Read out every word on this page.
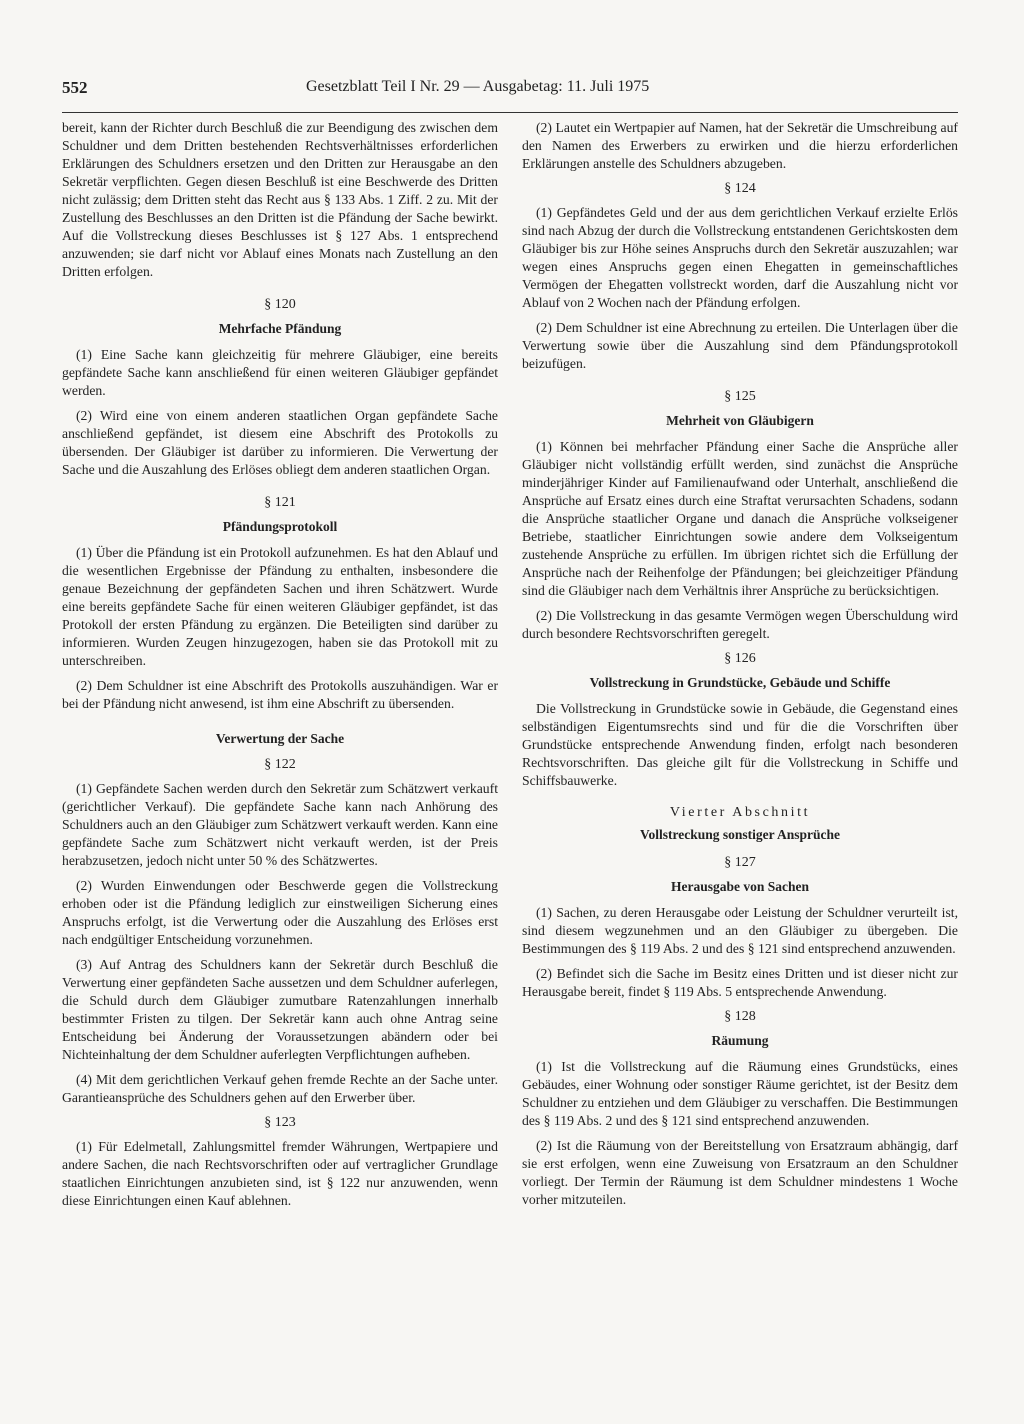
552	Gesetzblatt Teil I Nr. 29 — Ausgabetag: 11. Juli 1975

bereit, kann der Richter durch Beschluß die zur Beendigung des zwischen dem Schuldner und dem Dritten bestehenden Rechtsverhältnisses erforderlichen Erklärungen des Schuldners ersetzen und den Dritten zur Herausgabe an den Sekretär verpflichten. Gegen diesen Beschluß ist eine Beschwerde des Dritten nicht zulässig; dem Dritten steht das Recht aus § 133 Abs. 1 Ziff. 2 zu. Mit der Zustellung des Beschlusses an den Dritten ist die Pfändung der Sache bewirkt. Auf die Vollstreckung dieses Beschlusses ist § 127 Abs. 1 entsprechend anzuwenden; sie darf nicht vor Ablauf eines Monats nach Zustellung an den Dritten erfolgen.

§ 120
Mehrfache Pfändung

(1) Eine Sache kann gleichzeitig für mehrere Gläubiger, eine bereits gepfändete Sache kann anschließend für einen weiteren Gläubiger gepfändet werden.

(2) Wird eine von einem anderen staatlichen Organ gepfändete Sache anschließend gepfändet, ist diesem eine Abschrift des Protokolls zu übersenden. Der Gläubiger ist darüber zu informieren. Die Verwertung der Sache und die Auszahlung des Erlöses obliegt dem anderen staatlichen Organ.

§ 121
Pfändungsprotokoll

(1) Über die Pfändung ist ein Protokoll aufzunehmen. Es hat den Ablauf und die wesentlichen Ergebnisse der Pfändung zu enthalten, insbesondere die genaue Bezeichnung der gepfändeten Sachen und ihren Schätzwert. Wurde eine bereits gepfändete Sache für einen weiteren Gläubiger gepfändet, ist das Protokoll der ersten Pfändung zu ergänzen. Die Beteiligten sind darüber zu informieren. Wurden Zeugen hinzugezogen, haben sie das Protokoll mit zu unterschreiben.

(2) Dem Schuldner ist eine Abschrift des Protokolls auszuhändigen. War er bei der Pfändung nicht anwesend, ist ihm eine Abschrift zu übersenden.

Verwertung der Sache
§ 122

(1) Gepfändete Sachen werden durch den Sekretär zum Schätzwert verkauft (gerichtlicher Verkauf). Die gepfändete Sache kann nach Anhörung des Schuldners auch an den Gläubiger zum Schätzwert verkauft werden. Kann eine gepfändete Sache zum Schätzwert nicht verkauft werden, ist der Preis herabzusetzen, jedoch nicht unter 50 % des Schätzwertes.

(2) Wurden Einwendungen oder Beschwerde gegen die Vollstreckung erhoben oder ist die Pfändung lediglich zur einstweiligen Sicherung eines Anspruchs erfolgt, ist die Verwertung oder die Auszahlung des Erlöses erst nach endgültiger Entscheidung vorzunehmen.

(3) Auf Antrag des Schuldners kann der Sekretär durch Beschluß die Verwertung einer gepfändeten Sache aussetzen und dem Schuldner auferlegen, die Schuld durch dem Gläubiger zumutbare Ratenzahlungen innerhalb bestimmter Fristen zu tilgen. Der Sekretär kann auch ohne Antrag seine Entscheidung bei Änderung der Voraussetzungen abändern oder bei Nichteinhaltung der dem Schuldner auferlegten Verpflichtungen aufheben.

(4) Mit dem gerichtlichen Verkauf gehen fremde Rechte an der Sache unter. Garantieansprüche des Schuldners gehen auf den Erwerber über.

§ 123

(1) Für Edelmetall, Zahlungsmittel fremder Währungen, Wertpapiere und andere Sachen, die nach Rechtsvorschriften oder auf vertraglicher Grundlage staatlichen Einrichtungen anzubieten sind, ist § 122 nur anzuwenden, wenn diese Einrichtungen einen Kauf ablehnen.

(2) Lautet ein Wertpapier auf Namen, hat der Sekretär die Umschreibung auf den Namen des Erwerbers zu erwirken und die hierzu erforderlichen Erklärungen anstelle des Schuldners abzugeben.

§ 124

(1) Gepfändetes Geld und der aus dem gerichtlichen Verkauf erzielte Erlös sind nach Abzug der durch die Vollstreckung entstandenen Gerichtskosten dem Gläubiger bis zur Höhe seines Anspruchs durch den Sekretär auszuzahlen; war wegen eines Anspruchs gegen einen Ehegatten in gemeinschaftliches Vermögen der Ehegatten vollstreckt worden, darf die Auszahlung nicht vor Ablauf von 2 Wochen nach der Pfändung erfolgen.

(2) Dem Schuldner ist eine Abrechnung zu erteilen. Die Unterlagen über die Verwertung sowie über die Auszahlung sind dem Pfändungsprotokoll beizufügen.

§ 125
Mehrheit von Gläubigern

(1) Können bei mehrfacher Pfändung einer Sache die Ansprüche aller Gläubiger nicht vollständig erfüllt werden, sind zunächst die Ansprüche minderjähriger Kinder auf Familienaufwand oder Unterhalt, anschließend die Ansprüche auf Ersatz eines durch eine Straftat verursachten Schadens, sodann die Ansprüche staatlicher Organe und danach die Ansprüche volkseigener Betriebe, staatlicher Einrichtungen sowie andere dem Volkseigentum zustehende Ansprüche zu erfüllen. Im übrigen richtet sich die Erfüllung der Ansprüche nach der Reihenfolge der Pfändungen; bei gleichzeitiger Pfändung sind die Gläubiger nach dem Verhältnis ihrer Ansprüche zu berücksichtigen.

(2) Die Vollstreckung in das gesamte Vermögen wegen Überschuldung wird durch besondere Rechtsvorschriften geregelt.

§ 126
Vollstreckung in Grundstücke, Gebäude und Schiffe

Die Vollstreckung in Grundstücke sowie in Gebäude, die Gegenstand eines selbständigen Eigentumsrechts sind und für die die Vorschriften über Grundstücke entsprechende Anwendung finden, erfolgt nach besonderen Rechtsvorschriften. Das gleiche gilt für die Vollstreckung in Schiffe und Schiffsbauwerke.

Vierter Abschnitt
Vollstreckung sonstiger Ansprüche
§ 127
Herausgabe von Sachen

(1) Sachen, zu deren Herausgabe oder Leistung der Schuldner verurteilt ist, sind diesem wegzunehmen und an den Gläubiger zu übergeben. Die Bestimmungen des § 119 Abs. 2 und des § 121 sind entsprechend anzuwenden.

(2) Befindet sich die Sache im Besitz eines Dritten und ist dieser nicht zur Herausgabe bereit, findet § 119 Abs. 5 entsprechende Anwendung.

§ 128
Räumung

(1) Ist die Vollstreckung auf die Räumung eines Grundstücks, eines Gebäudes, einer Wohnung oder sonstiger Räume gerichtet, ist der Besitz dem Schuldner zu entziehen und dem Gläubiger zu verschaffen. Die Bestimmungen des § 119 Abs. 2 und des § 121 sind entsprechend anzuwenden.

(2) Ist die Räumung von der Bereitstellung von Ersatzraum abhängig, darf sie erst erfolgen, wenn eine Zuweisung von Ersatzraum an den Schuldner vorliegt. Der Termin der Räumung ist dem Schuldner mindestens 1 Woche vorher mitzuteilen.
